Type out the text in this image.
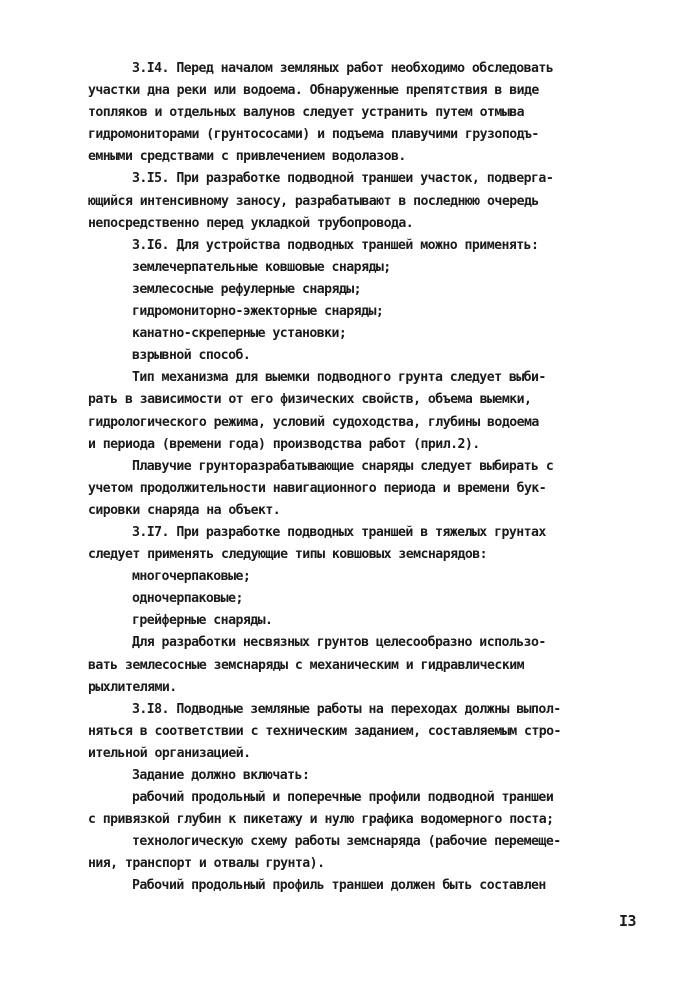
3.I4. Перед началом земляных работ необходимо обследовать
участки дна реки или водоема. Обнаруженные препятствия в виде
топляков и отдельных валунов следует устранить путем отмыва
гидромониторами (грунтососами) и подъема плавучими грузоподъ-
емными средствами с привлечением водолазов.
3.I5. При разработке подводной траншеи участок, подверга-
ющийся интенсивному заносу, разрабатывают в последнюю очередь
непосредственно перед укладкой трубопровода.
3.I6. Для устройства подводных траншей можно применять:
землечерпательные ковшовые снаряды;
землесосные рефулерные снаряды;
гидромониторно-эжекторные снаряды;
канатно-скреперные установки;
взрывной способ.
Тип механизма для выемки подводного грунта следует выби-
рать в зависимости от его физических свойств, объема выемки,
гидрологического режима, условий судоходства, глубины водоема
и периода (времени года) производства работ (прил.2).
Плавучие грунторазрабатывающие снаряды следует выбирать с
учетом продолжительности навигационного периода и времени бук-
сировки снаряда на объект.
3.I7. При разработке подводных траншей в тяжелых грунтах
следует применять следующие типы ковшовых земснарядов:
многочерпаковые;
одночерпаковые;
грейферные снаряды.
Для разработки несвязных грунтов целесообразно использо-
вать землесосные земснаряды с механическим и гидравлическим
рыхлителями.
3.I8. Подводные земляные работы на переходах должны выпол-
няться в соответствии с техническим заданием, составляемым стро-
ительной организацией.
Задание должно включать:
рабочий продольный и поперечные профили подводной траншеи
с привязкой глубин к пикетажу и нулю графика водомерного поста;
технологическую схему работы земснаряда (рабочие перемеще-
ния, транспорт и отвалы грунта).
Рабочий продольный профиль траншеи должен быть составлен
I3
